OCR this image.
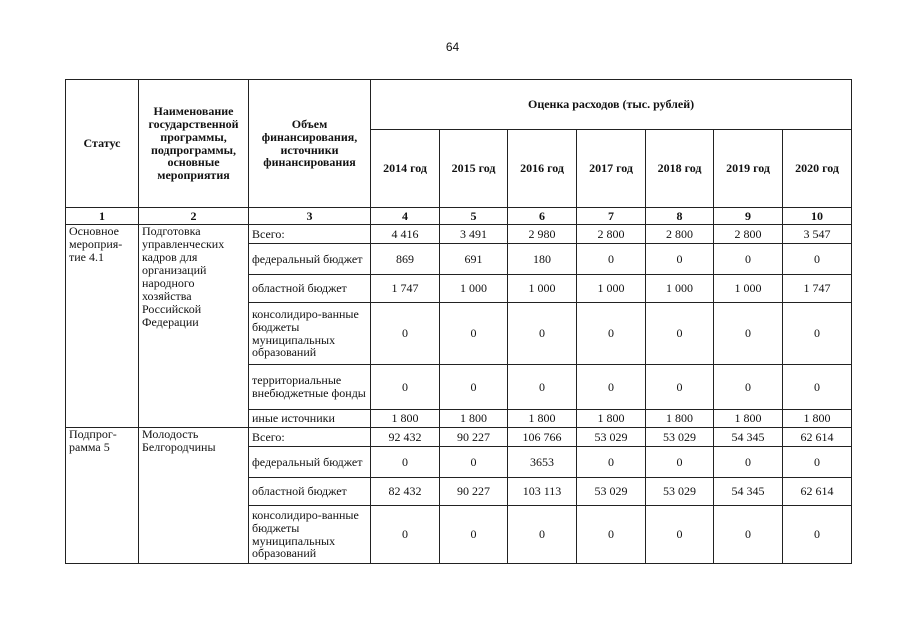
64
Статус	Наименование государственной программы, подпрограммы, основные мероприятия	Объем финансирования, источники финансирования	Оценка расходов (тыс. рублей)						
			2014 год	2015 год	2016 год	2017 год	2018 год	2019 год	2020 год
1	2	3	4	5	6	7	8	9	10
Основное мероприя-тие 4.1	Подготовка управленческих кадров для организаций народного хозяйства Российской Федерации	Всего:	4 416	3 491	2 980	2 800	2 800	2 800	3 547
		федеральный бюджет	869	691	180	0	0	0	0
		областной бюджет	1 747	1 000	1 000	1 000	1 000	1 000	1 747
		консолидиро-ванные бюджеты муниципальных образований	0	0	0	0	0	0	0
		территориальные внебюджетные фонды	0	0	0	0	0	0	0
		иные источники	1 800	1 800	1 800	1 800	1 800	1 800	1 800
Подпрог-рамма 5	Молодость Белгородчины	Всего:	92 432	90 227	106 766	53 029	53 029	54 345	62 614
		федеральный бюджет	0	0	3653	0	0	0	0
		областной бюджет	82 432	90 227	103 113	53 029	53 029	54 345	62 614
		консолидиро-ванные бюджеты муниципальных образований	0	0	0	0	0	0	0
